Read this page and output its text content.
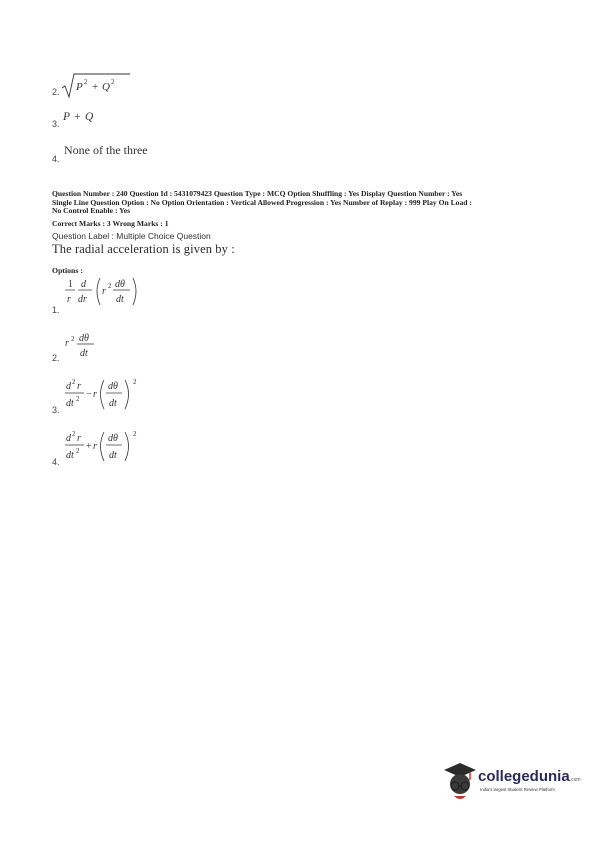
2. P 2 + Q 2
3.
P + Q
4.
None of the three
Question Number : 240 Question Id : 5431079423 Question Type : MCQ Option Shuffling : Yes Display Question Number : Yes
Single Line Question Option : No Option Orientation : Vertical Allowed Progression : Yes Number of Replay : 999 Play On Load :
No Control Enable : Yes
Correct Marks : 3 Wrong Marks : 1
Question Label : Multiple Choice Question
The radial acceleration is given by :
Options :
1
r
d
dr
r 2 dθ
dt
1.
r 2 dθ
dt
2.
d 2 r
dt 2 − r
dθ
dt
2
3.
d 2 r
dt 2 + r
dθ
dt
2
4.
collegedunia.com
India's largest Student Review Platform
